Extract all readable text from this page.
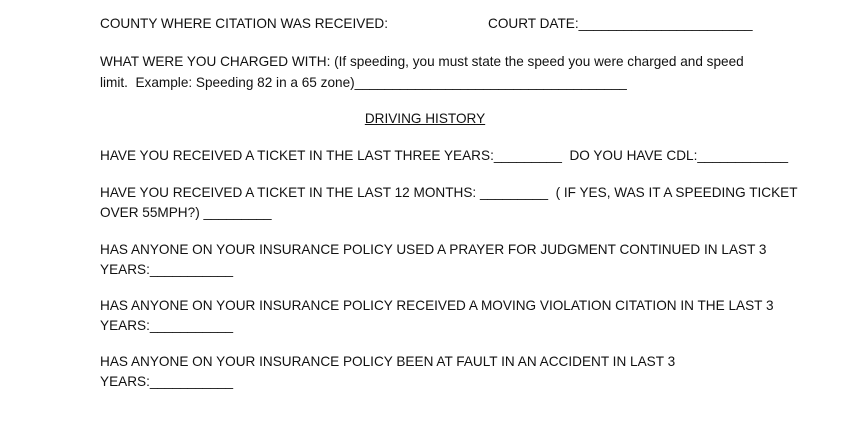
COUNTY WHERE CITATION WAS RECEIVED:	COURT DATE:_______________________
WHAT WERE YOU CHARGED WITH: (If speeding, you must state the speed you were charged and speed
limit.  Example: Speeding 82 in a 65 zone)____________________________________
DRIVING HISTORY
HAVE YOU RECEIVED A TICKET IN THE LAST THREE YEARS:_________  DO YOU HAVE CDL:____________
HAVE YOU RECEIVED A TICKET IN THE LAST 12 MONTHS: _________  ( IF YES, WAS IT A SPEEDING TICKET
OVER 55MPH?) _________
HAS ANYONE ON YOUR INSURANCE POLICY USED A PRAYER FOR JUDGMENT CONTINUED IN LAST 3
YEARS:___________
HAS ANYONE ON YOUR INSURANCE POLICY RECEIVED A MOVING VIOLATION CITATION IN THE LAST 3
YEARS:___________
HAS ANYONE ON YOUR INSURANCE POLICY BEEN AT FAULT IN AN ACCIDENT IN LAST 3
YEARS:___________
